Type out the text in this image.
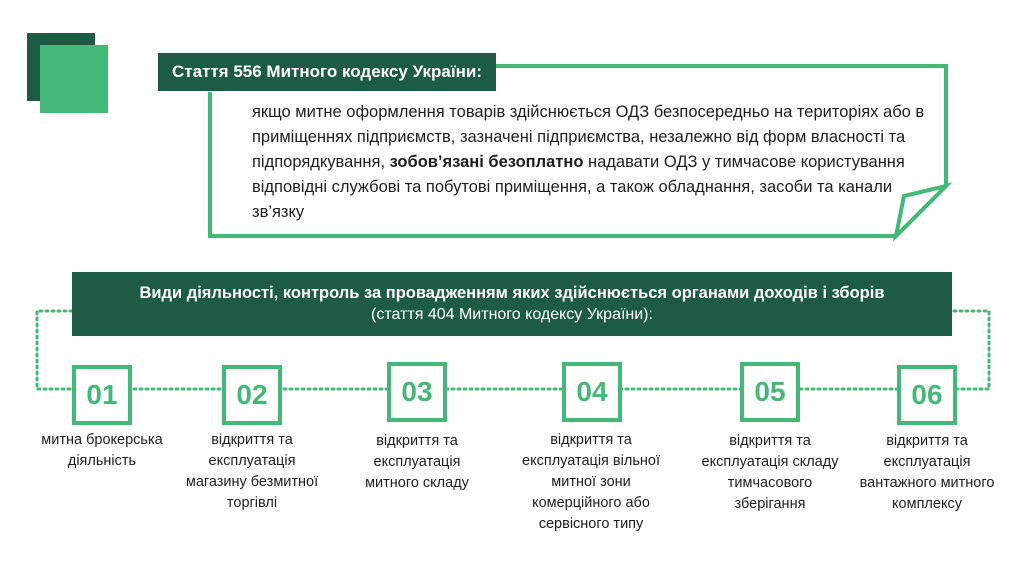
Стаття 556 Митного кодексу України:
якщо митне оформлення товарів здійснюється ОДЗ безпосередньо на територіях або в приміщеннях підприємств, зазначені підприємства, незалежно від форм власності та підпорядкування, зобов’язані безоплатно надавати ОДЗ у тимчасове користування відповідні службові та побутові приміщення, а також обладнання, засоби та канали зв’язку
Види діяльності, контроль за провадженням яких здійснюється органами доходів і зборів
(стаття 404 Митного кодексу України):
01	02	03	04	05	06
митна брокерська діяльність
відкриття та експлуатація магазину безмитної торгівлі
відкриття та експлуатація митного складу
відкриття та експлуатація вільної митної зони комерційного або сервісного типу
відкриття та експлуатація складу тимчасового зберігання
відкриття та експлуатація вантажного митного комплексу
